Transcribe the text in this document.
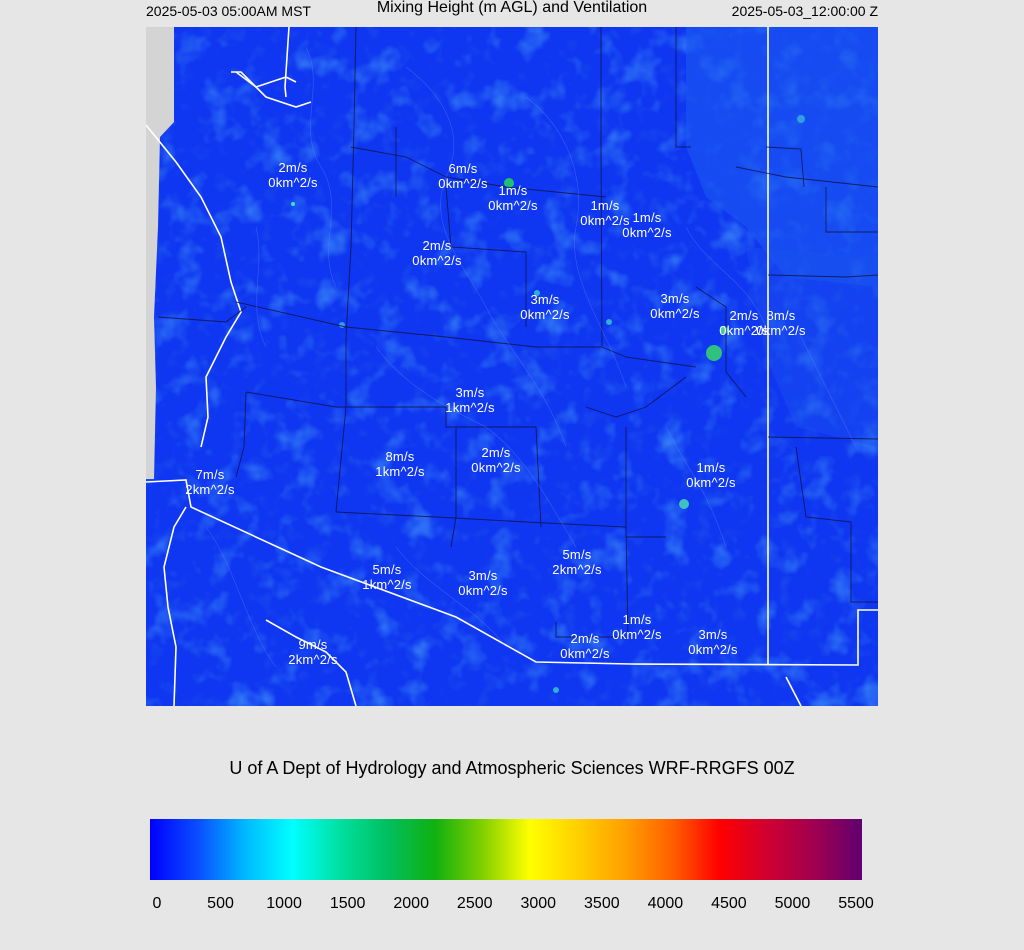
2025-05-03 05:00AM MST	Mixing Height (m AGL) and Ventilation	2025-05-03_12:00:00 Z
2m/s
0km^2/s
6m/s
0km^2/s 1m/s
0km^2/s	1m/s
0km^2/s 1m/s
0km^2/s
2m/s
0km^2/s
3m/s
0km^2/s
3m/s
0km^2/s	2m/s
0km^2/s
8m/s
0km^2/s
3m/s
1km^2/s
8m/s
1km^2/s
2m/s
0km^2/s	1m/s
0km^2/s
7m/s
2km^2/s
5m/s
2km^2/s
5m/s
1km^2/s
3m/s
0km^2/s
1m/s
0km^2/s
2m/s
0km^2/s
3m/s
0km^2/s
9m/s
2km^2/s
U of A Dept of Hydrology and Atmospheric Sciences WRF-RRGFS 00Z
0	500 1000 1500 2000 2500 3000 3500 4000 4500 5000 5500
